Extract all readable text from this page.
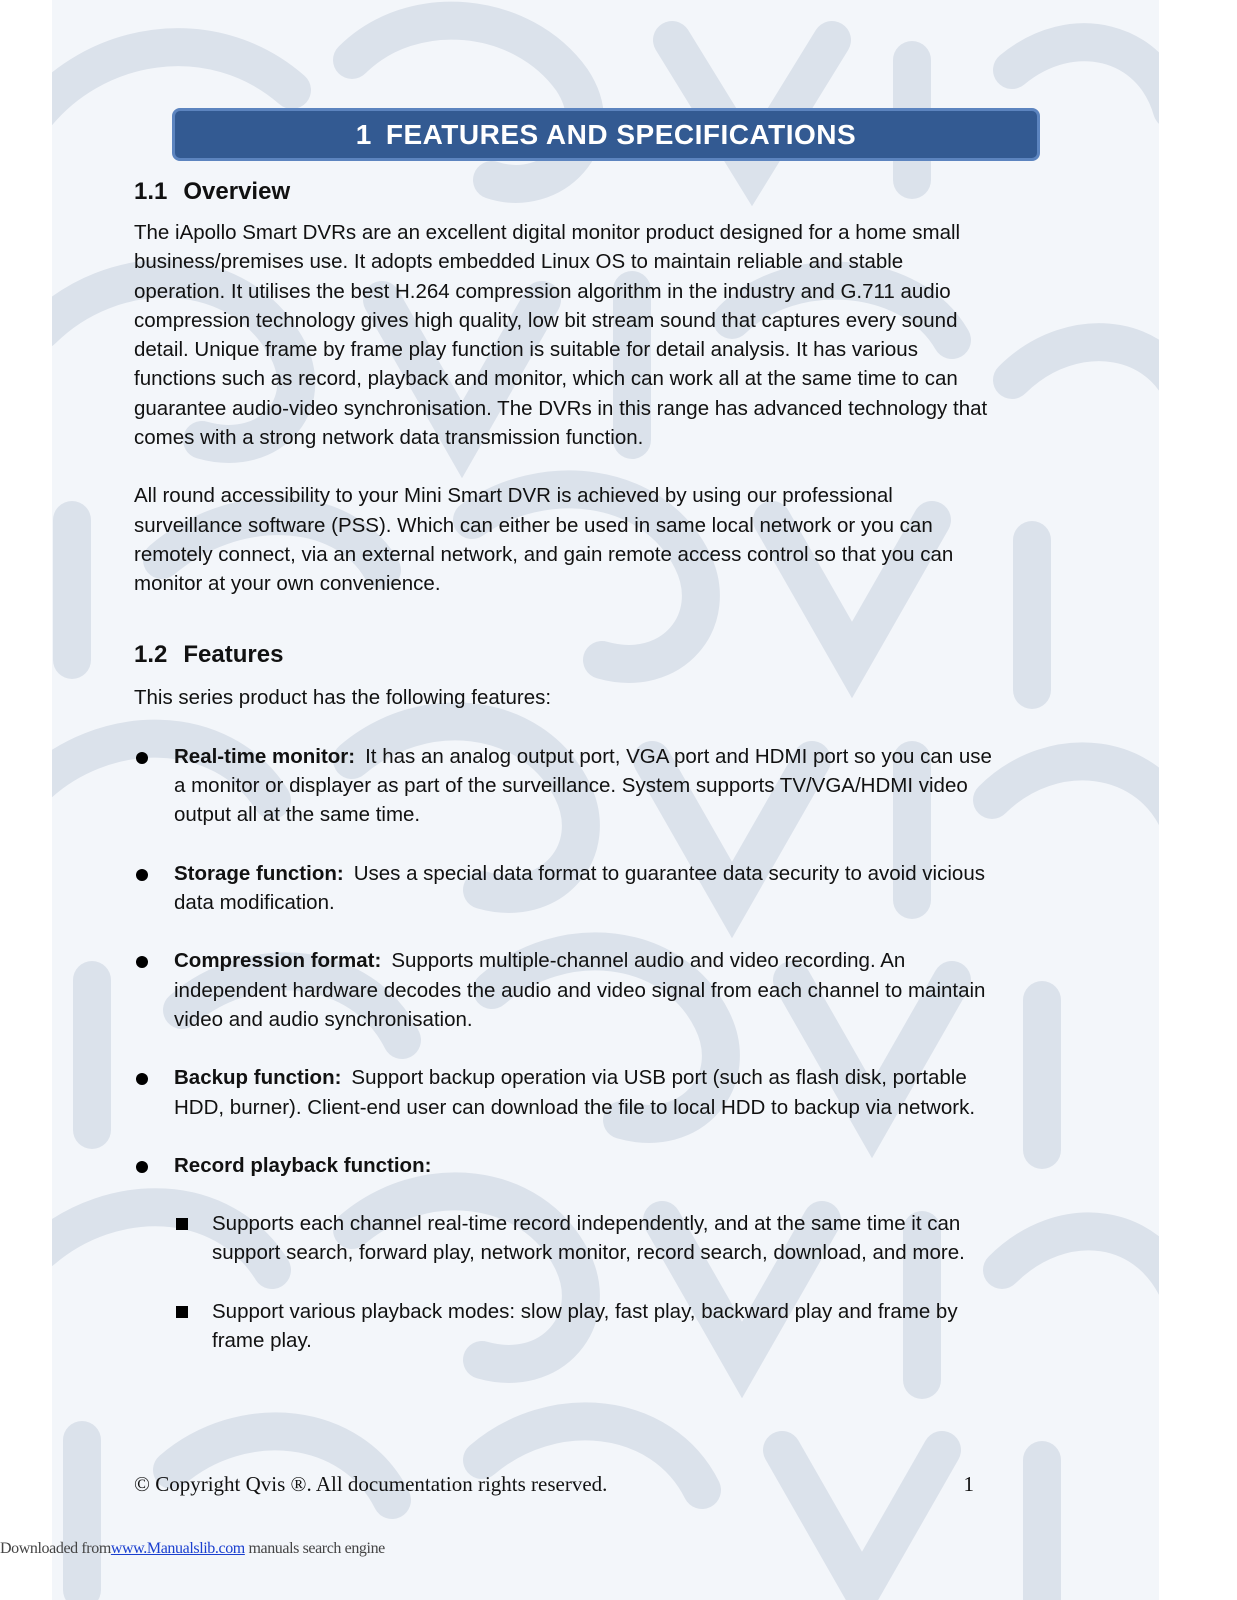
1 FEATURES AND SPECIFICATIONS
1.1 Overview

The iApollo Smart DVRs are an excellent digital monitor product designed for a home small business/premises use. It adopts embedded Linux OS to maintain reliable and stable operation. It utilises the best H.264 compression algorithm in the industry and G.711 audio compression technology gives high quality, low bit stream sound that captures every sound detail. Unique frame by frame play function is suitable for detail analysis. It has various functions such as record, playback and monitor, which can work all at the same time to can guarantee audio-video synchronisation. The DVRs in this range has advanced technology that comes with a strong network data transmission function.

All round accessibility to your Mini Smart DVR is achieved by using our professional surveillance software (PSS). Which can either be used in same local network or you can remotely connect, via an external network, and gain remote access control so that you can monitor at your own convenience.

1.2 Features

This series product has the following features:

Real-time monitor: It has an analog output port, VGA port and HDMI port so you can use a monitor or displayer as part of the surveillance. System supports TV/VGA/HDMI video output all at the same time.
Storage function: Uses a special data format to guarantee data security to avoid vicious data modification.
Compression format: Supports multiple-channel audio and video recording. An independent hardware decodes the audio and video signal from each channel to maintain video and audio synchronisation.
Backup function: Support backup operation via USB port (such as flash disk, portable HDD, burner). Client-end user can download the file to local HDD to backup via network.
Record playback function:
Supports each channel real-time record independently, and at the same time it can support search, forward play, network monitor, record search, download, and more.
Support various playback modes: slow play, fast play, backward play and frame by frame play.
© Copyright Qvis ®. All documentation rights reserved.	1
Downloaded fromwww.Manualslib.com manuals search engine
